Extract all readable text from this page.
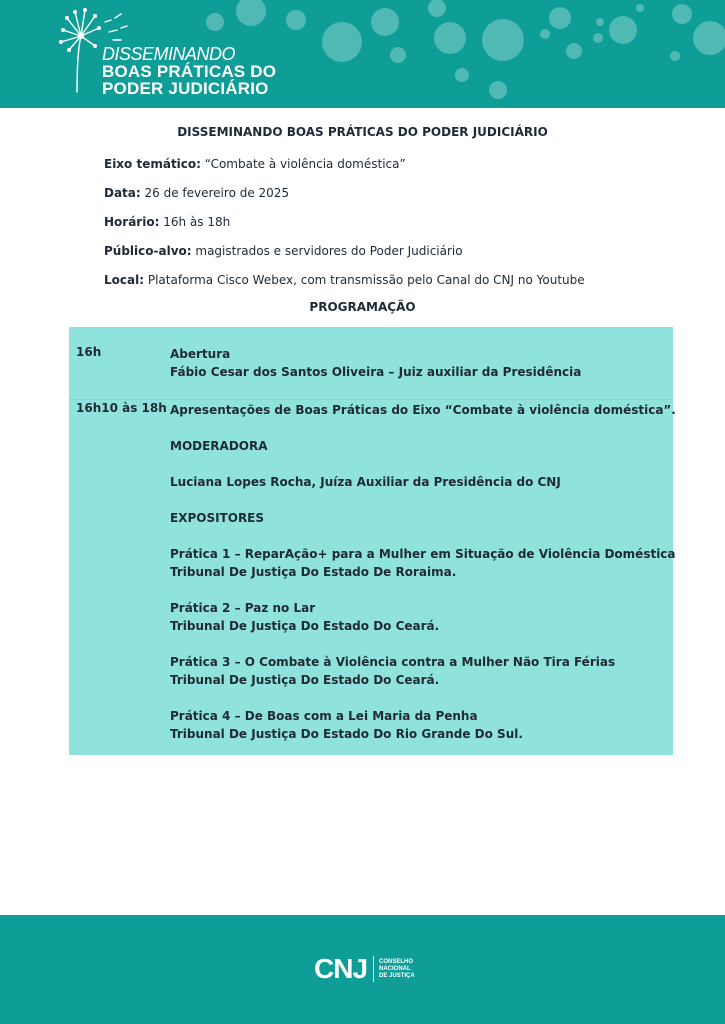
DISSEMINANDO
BOAS PRÁTICAS DO
PODER JUDICIÁRIO
DISSEMINANDO BOAS PRÁTICAS DO PODER JUDICIÁRIO
Eixo temático: “Combate à violência doméstica”
Data: 26 de fevereiro de 2025
Horário: 16h às 18h
Público-alvo: magistrados e servidores do Poder Judiciário
Local: Plataforma Cisco Webex, com transmissão pelo Canal do CNJ no Youtube
PROGRAMAÇÃO
16h	Abertura
Fábio Cesar dos Santos Oliveira – Juiz auxiliar da Presidência
16h10 às 18h Apresentações de Boas Práticas do Eixo “Combate à violência doméstica”.
MODERADORA
Luciana Lopes Rocha, Juíza Auxiliar da Presidência do CNJ
EXPOSITORES
Prática 1 – ReparAção+ para a Mulher em Situação de Violência Doméstica
Tribunal De Justiça Do Estado De Roraima.
Prática 2 – Paz no Lar
Tribunal De Justiça Do Estado Do Ceará.
Prática 3 – O Combate à Violência contra a Mulher Não Tira Férias
Tribunal De Justiça Do Estado Do Ceará.
Prática 4 – De Boas com a Lei Maria da Penha
Tribunal De Justiça Do Estado Do Rio Grande Do Sul.
CNJ CONSELHO
NACIONAL
DE JUSTIÇA
